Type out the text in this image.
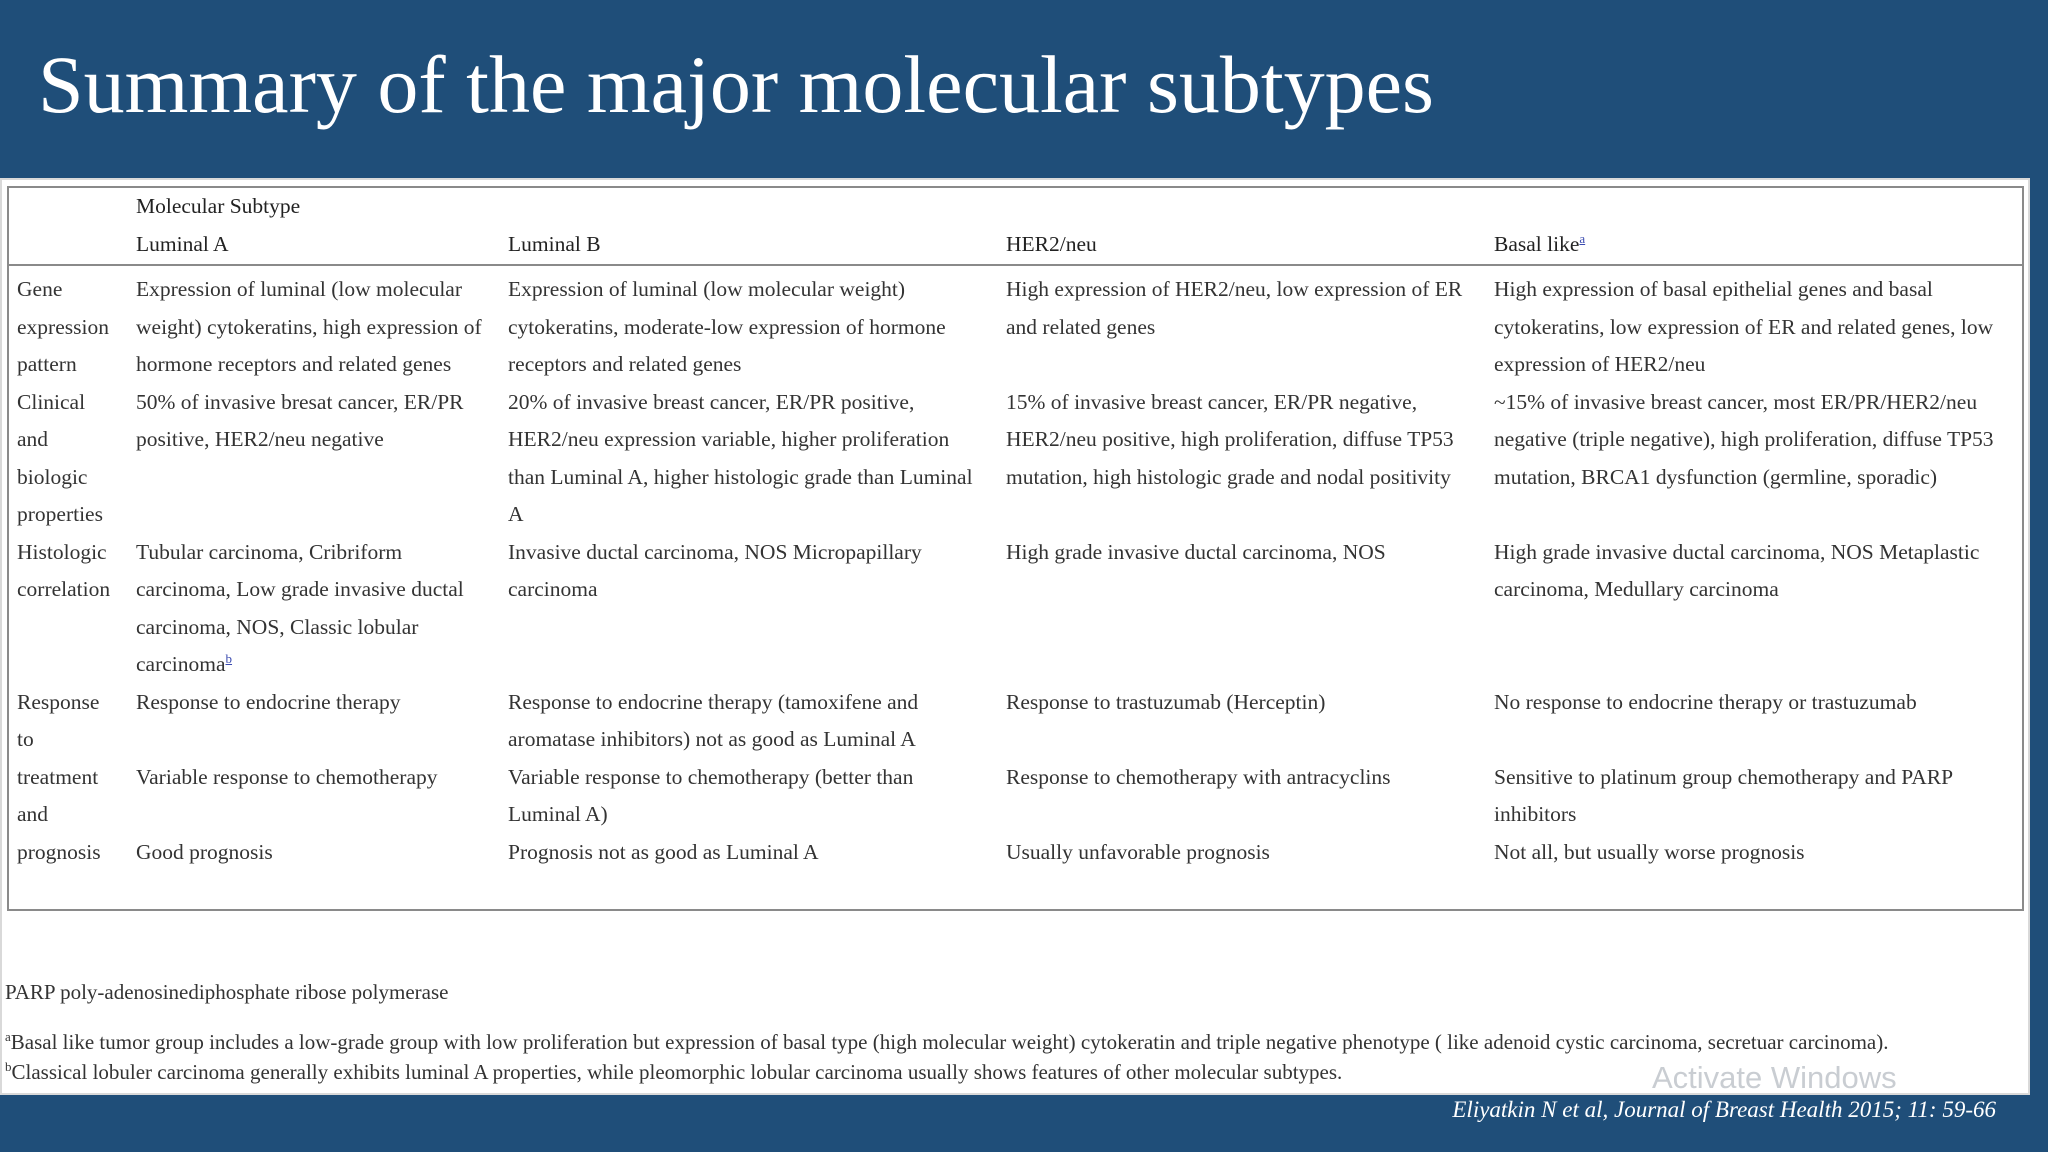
Summary of the major molecular subtypes
	Molecular Subtype			
	Luminal A	Luminal B	HER2/neu	Basal like$^a$
Gene expression pattern	Expression of luminal (low molecular weight) cytokeratins, high expression of hormone receptors and related genes	Expression of luminal (low molecular weight) cytokeratins, moderate-low expression of hormone receptors and related genes	High expression of HER2/neu, low expression of ER and related genes	High expression of basal epithelial genes and basal cytokeratins, low expression of ER and related genes, low expression of HER2/neu
Clinical and biologic properties	50% of invasive bresat cancer, ER/PR positive, HER2/neu negative	20% of invasive breast cancer, ER/PR positive, HER2/neu expression variable, higher proliferation than Luminal A, higher histologic grade than Luminal A	15% of invasive breast cancer, ER/PR negative, HER2/neu positive, high proliferation, diffuse TP53 mutation, high histologic grade and nodal positivity	~15% of invasive breast cancer, most ER/PR/HER2/neu negative (triple negative), high proliferation, diffuse TP53 mutation, BRCA1 dysfunction (germline, sporadic)
Histologic correlation	Tubular carcinoma, Cribriform carcinoma, Low grade invasive ductal carcinoma, NOS, Classic lobular carcinoma$^b$	Invasive ductal carcinoma, NOS Micropapillary carcinoma	High grade invasive ductal carcinoma, NOS	High grade invasive ductal carcinoma, NOS Metaplastic carcinoma, Medullary carcinoma
Response to treatment and prognosis	Response to endocrine therapy	Response to endocrine therapy (tamoxifene and aromatase inhibitors) not as good as Luminal A	Response to trastuzumab (Herceptin)	No response to endocrine therapy or trastuzumab
	Variable response to chemotherapy	Variable response to chemotherapy (better than Luminal A)	Response to chemotherapy with antracyclins	Sensitive to platinum group chemotherapy and PARP inhibitors
	Good prognosis	Prognosis not as good as Luminal A	Usually unfavorable prognosis	Not all, but usually worse prognosis

PARP poly-adenosinediphosphate ribose polymerase

$^a$Basal like tumor group includes a low-grade group with low proliferation but expression of basal type (high molecular weight) cytokeratin and triple negative phenotype ( like adenoid cystic carcinoma, secretuar carcinoma).

$^b$Classical lobuler carcinoma generally exhibits luminal A properties, while pleomorphic lobular carcinoma usually shows features of other molecular subtypes.	Activate Windows
Eliyatkin N et al, Journal of Breast Health 2015; 11: 59-66
